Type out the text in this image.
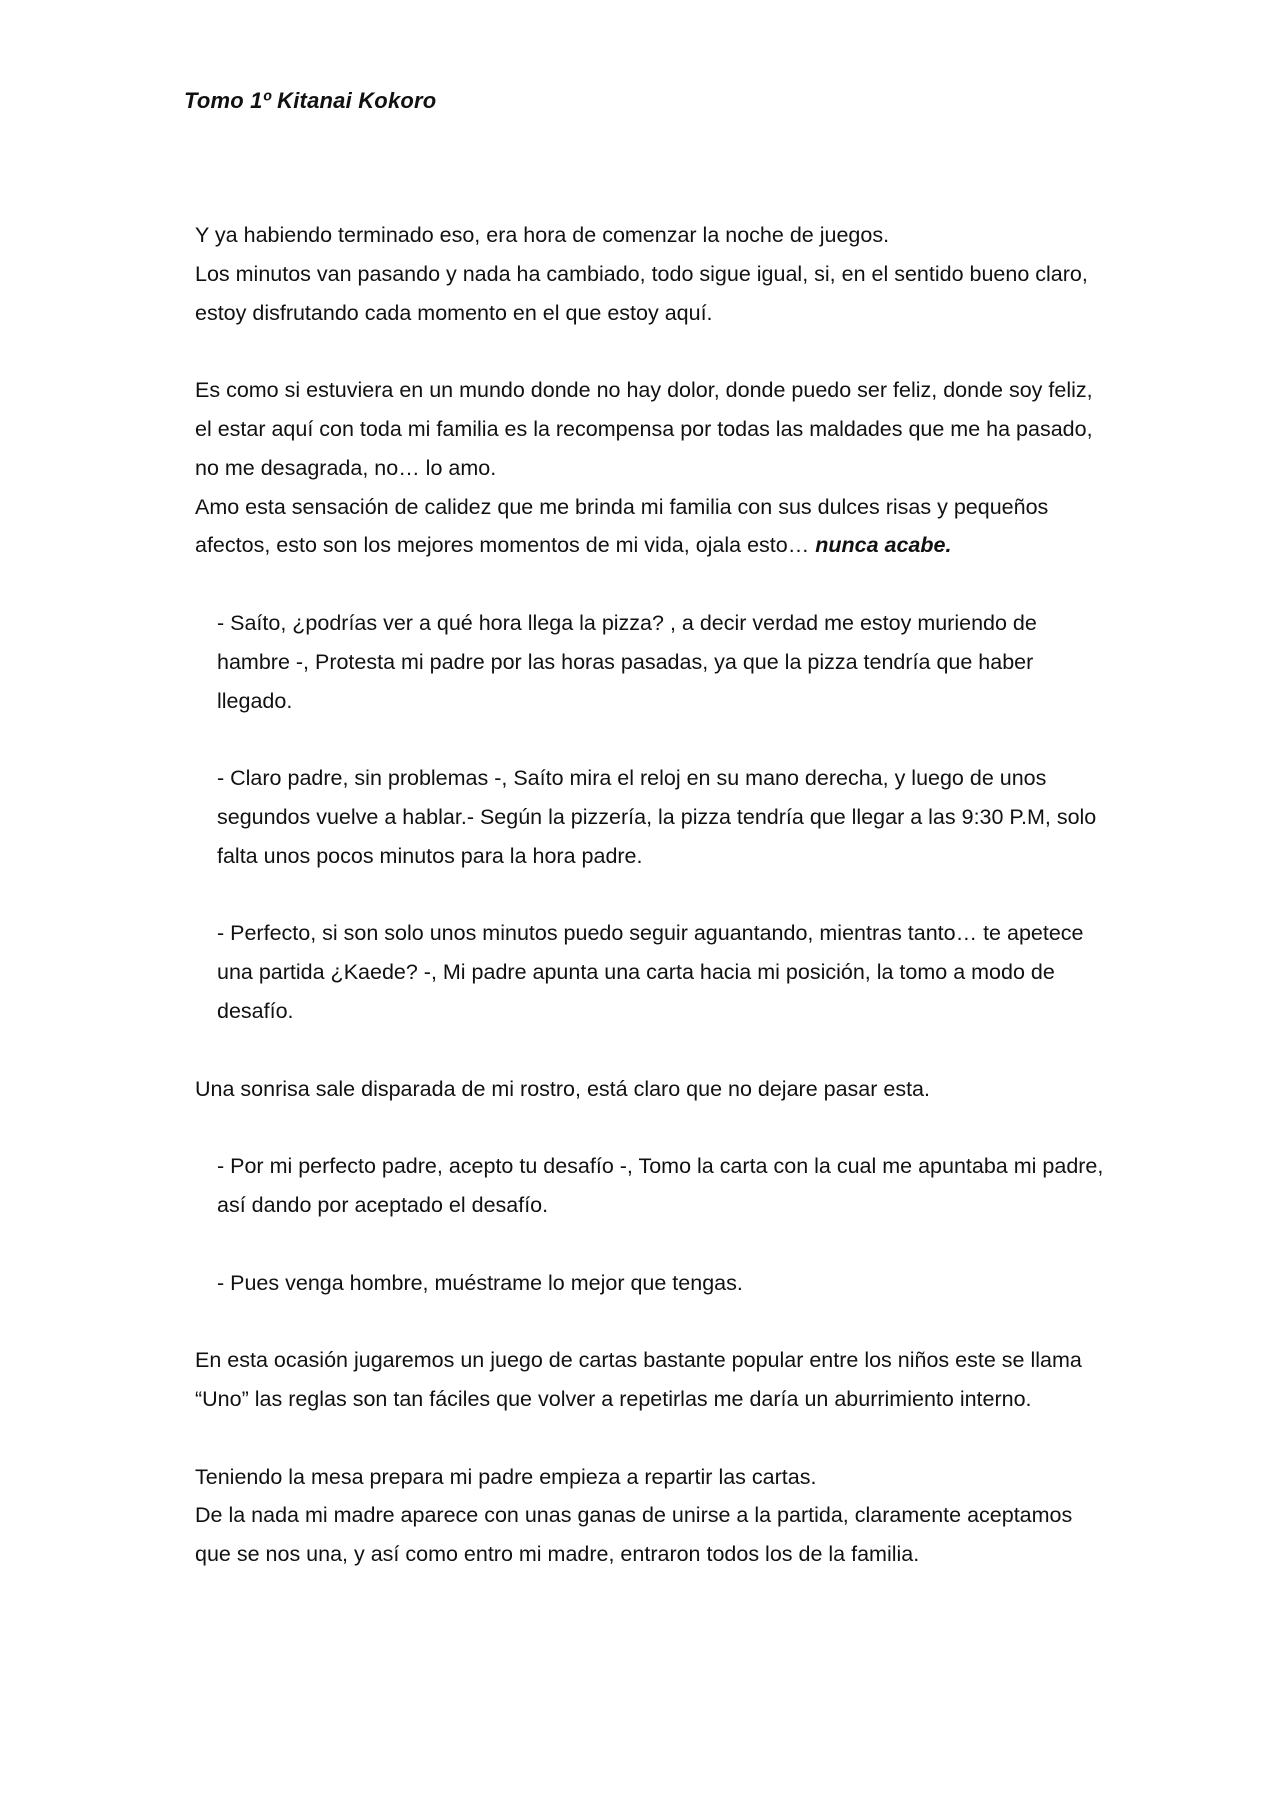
Tomo 1º Kitanai Kokoro

Y ya habiendo terminado eso, era hora de comenzar la noche de juegos.

Los minutos van pasando y nada ha cambiado, todo sigue igual, si, en el sentido bueno claro, estoy disfrutando cada momento en el que estoy aquí.

Es como si estuviera en un mundo donde no hay dolor, donde puedo ser feliz, donde soy feliz, el estar aquí con toda mi familia es la recompensa por todas las maldades que me ha pasado, no me desagrada, no… lo amo.

Amo esta sensación de calidez que me brinda mi familia con sus dulces risas y pequeños afectos, esto son los mejores momentos de mi vida, ojala esto… nunca acabe.

- Saíto, ¿podrías ver a qué hora llega la pizza? , a decir verdad me estoy muriendo de hambre -, Protesta mi padre por las horas pasadas, ya que la pizza tendría que haber llegado.

- Claro padre, sin problemas -, Saíto mira el reloj en su mano derecha, y luego de unos segundos vuelve a hablar.- Según la pizzería, la pizza tendría que llegar a las 9:30 P.M, solo falta unos pocos minutos para la hora padre.

- Perfecto, si son solo unos minutos puedo seguir aguantando, mientras tanto… te apetece una partida ¿Kaede? -, Mi padre apunta una carta hacia mi posición, la tomo a modo de desafío.

Una sonrisa sale disparada de mi rostro, está claro que no dejare pasar esta.

- Por mi perfecto padre, acepto tu desafío -, Tomo la carta con la cual me apuntaba mi padre, así dando por aceptado el desafío.

- Pues venga hombre, muéstrame lo mejor que tengas.

En esta ocasión jugaremos un juego de cartas bastante popular entre los niños este se llama “Uno” las reglas son tan fáciles que volver a repetirlas me daría un aburrimiento interno.

Teniendo la mesa prepara mi padre empieza a repartir las cartas.

De la nada mi madre aparece con unas ganas de unirse a la partida, claramente aceptamos que se nos una, y así como entro mi madre, entraron todos los de la familia.
